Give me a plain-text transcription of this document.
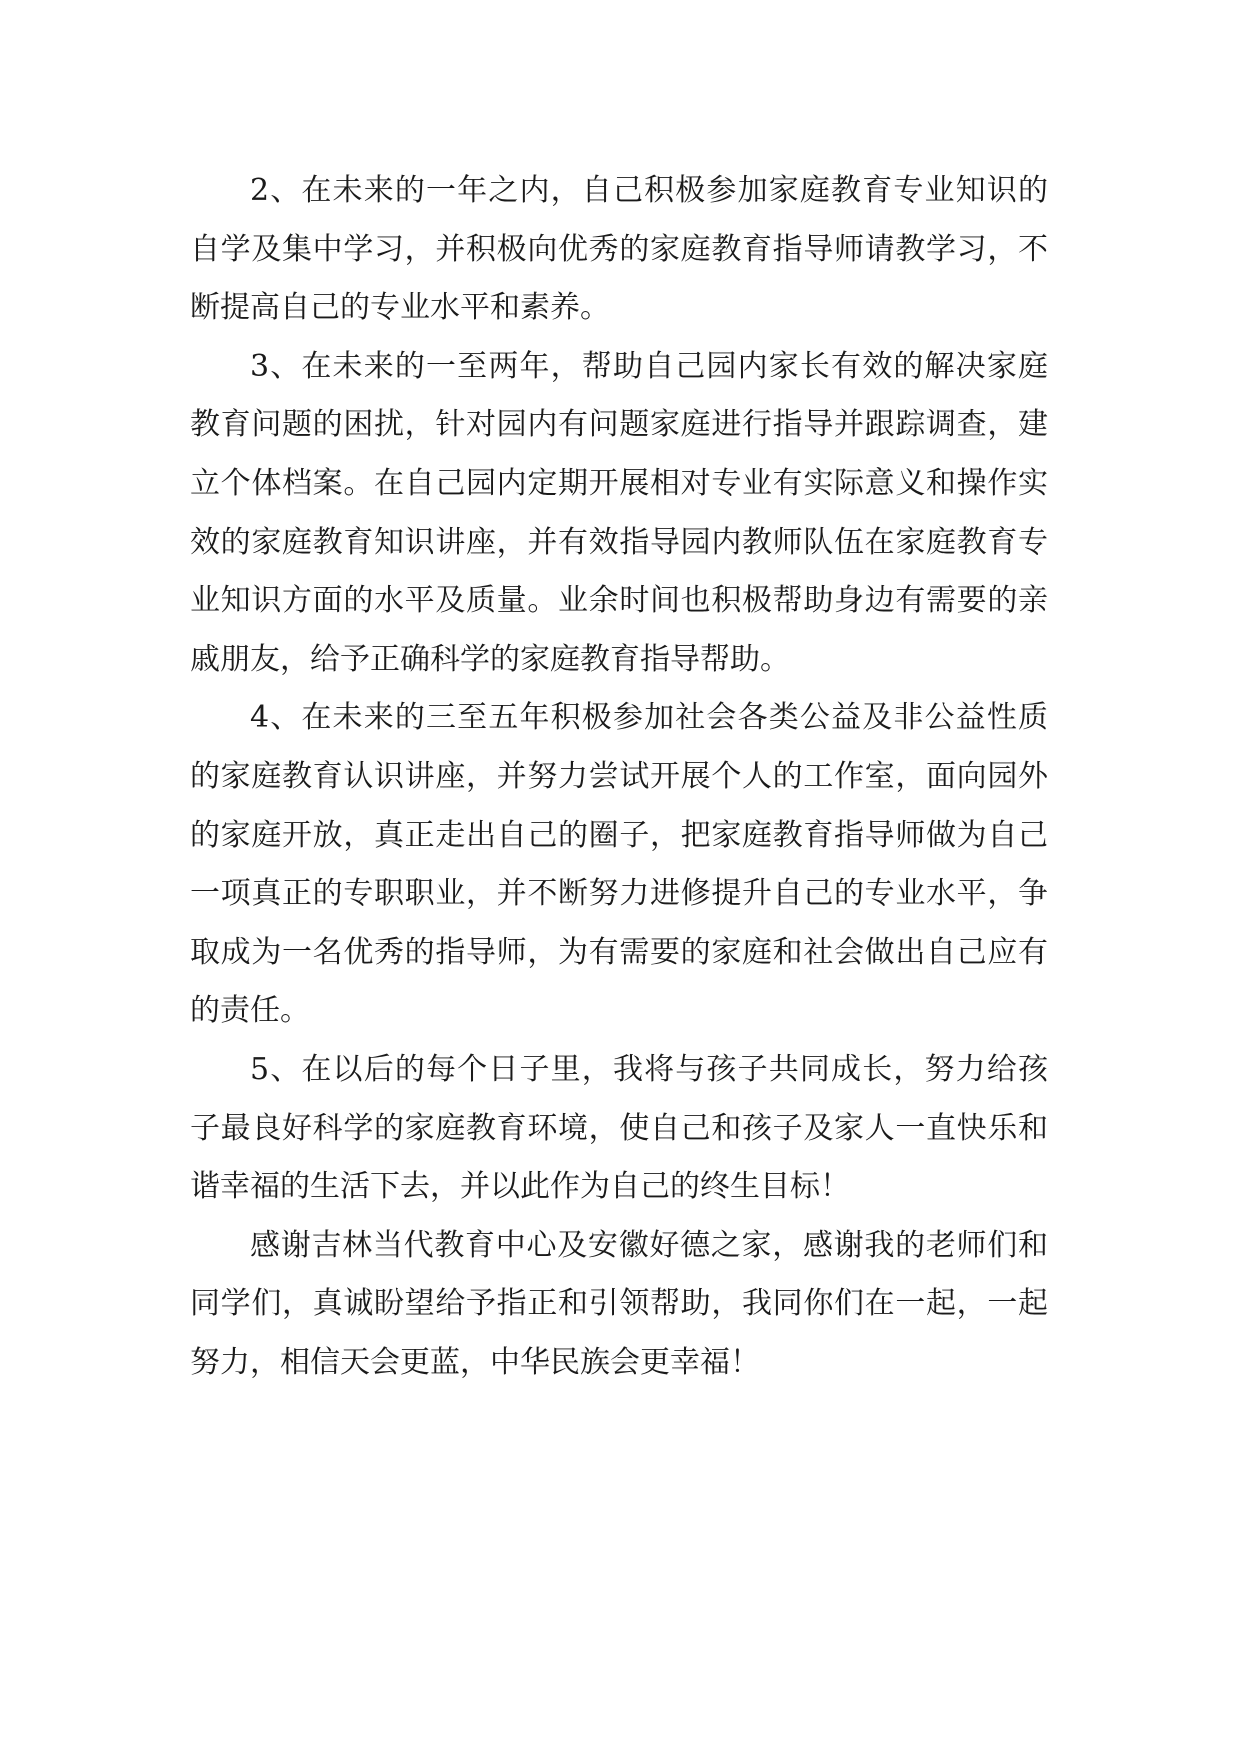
2、在未来的一年之内，自己积极参加家庭教育专业知识的自学及集中学习，并积极向优秀的家庭教育指导师请教学习，不断提高自己的专业水平和素养。

3、在未来的一至两年，帮助自己园内家长有效的解决家庭教育问题的困扰，针对园内有问题家庭进行指导并跟踪调查，建立个体档案。在自己园内定期开展相对专业有实际意义和操作实效的家庭教育知识讲座，并有效指导园内教师队伍在家庭教育专业知识方面的水平及质量。业余时间也积极帮助身边有需要的亲戚朋友，给予正确科学的家庭教育指导帮助。

4、在未来的三至五年积极参加社会各类公益及非公益性质的家庭教育认识讲座，并努力尝试开展个人的工作室，面向园外的家庭开放，真正走出自己的圈子，把家庭教育指导师做为自己一项真正的专职职业，并不断努力进修提升自己的专业水平，争取成为一名优秀的指导师，为有需要的家庭和社会做出自己应有的责任。

5、在以后的每个日子里，我将与孩子共同成长，努力给孩子最良好科学的家庭教育环境，使自己和孩子及家人一直快乐和谐幸福的生活下去，并以此作为自己的终生目标！

感谢吉林当代教育中心及安徽好德之家，感谢我的老师们和同学们，真诚盼望给予指正和引领帮助，我同你们在一起，一起努力，相信天会更蓝，中华民族会更幸福！
